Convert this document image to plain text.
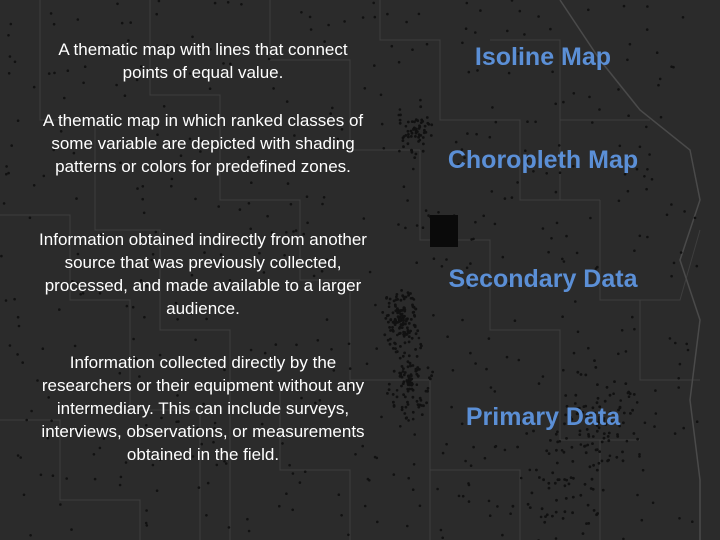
A thematic map with lines that connect points of equal value.
Isoline Map
A thematic map in which ranked classes of some variable are depicted with shading patterns or colors for predefined zones.	Choropleth Map
Information obtained indirectly from another source that was previously collected, processed, and made available to a larger audience.
Secondary Data
Information collected directly by the researchers or their equipment without any intermediary. This can include surveys, interviews, observations, or measurements obtained in the field.
Primary Data
